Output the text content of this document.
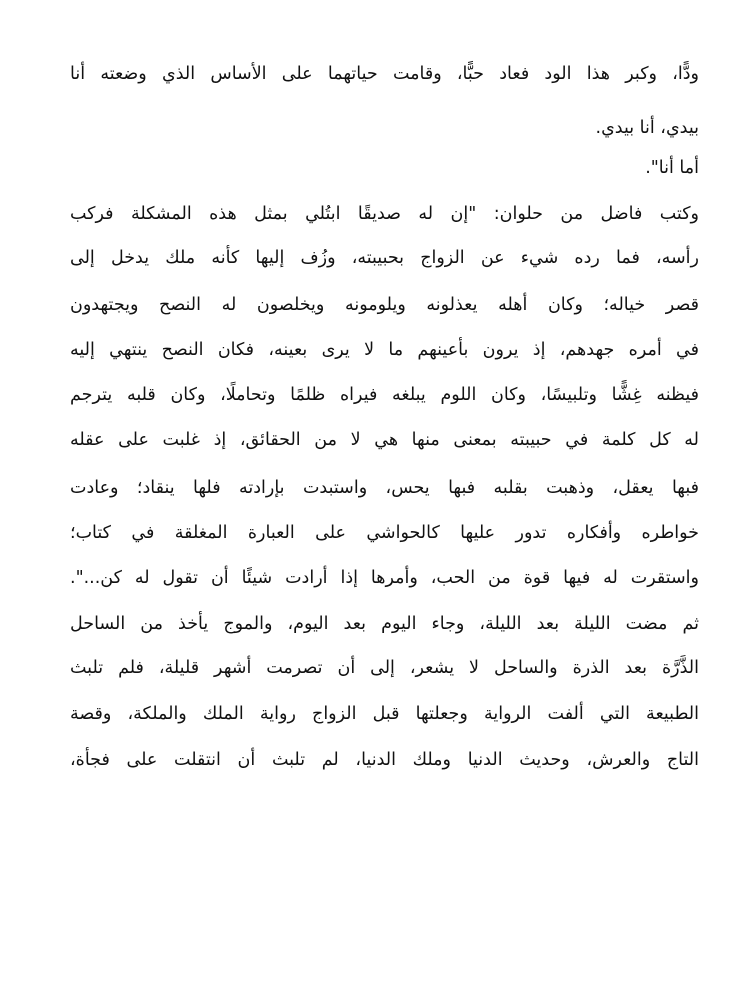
ودًّا، وكبر هذا الود فعاد حبًّا، وقامت حياتهما على الأساس الذي وضعته أنا
بيدي، أنا بيدي.
أما أنا".
وكتب فاضل من حلوان: "إن له صديقًا ابتُلي بمثل هذه المشكلة فركب
رأسه، فما رده شيء عن الزواج بحبيبته، وزُف إليها كأنه ملك يدخل إلى
قصر خياله؛ وكان أهله يعذلونه ويلومونه ويخلصون له النصح ويجتهدون
في أمره جهدهم، إذ يرون بأعينهم ما لا يرى بعينه، فكان النصح ينتهي إليه
فيظنه غِشًّا وتلبيسًا، وكان اللوم يبلغه فيراه ظلمًا وتحاملًا، وكان قلبه يترجم
له كل كلمة في حبيبته بمعنى منها هي لا من الحقائق، إذ غلبت على عقله
فبها يعقل، وذهبت بقلبه فبها يحس، واستبدت بإرادته فلها ينقاد؛ وعادت
خواطره وأفكاره تدور عليها كالحواشي على العبارة المغلقة في كتاب؛
واستقرت له فيها قوة من الحب، وأمرها إذا أرادت شيئًا أن تقول له كن...".
ثم مضت الليلة بعد الليلة، وجاء اليوم بعد اليوم، والموج يأخذ من الساحل
الذَّرَّة بعد الذرة والساحل لا يشعر، إلى أن تصرمت أشهر قليلة، فلم تلبث
الطبيعة التي ألفت الرواية وجعلتها قبل الزواج رواية الملك والملكة، وقصة
التاج والعرش، وحديث الدنيا وملك الدنيا، لم تلبث أن انتقلت على فجأة،
